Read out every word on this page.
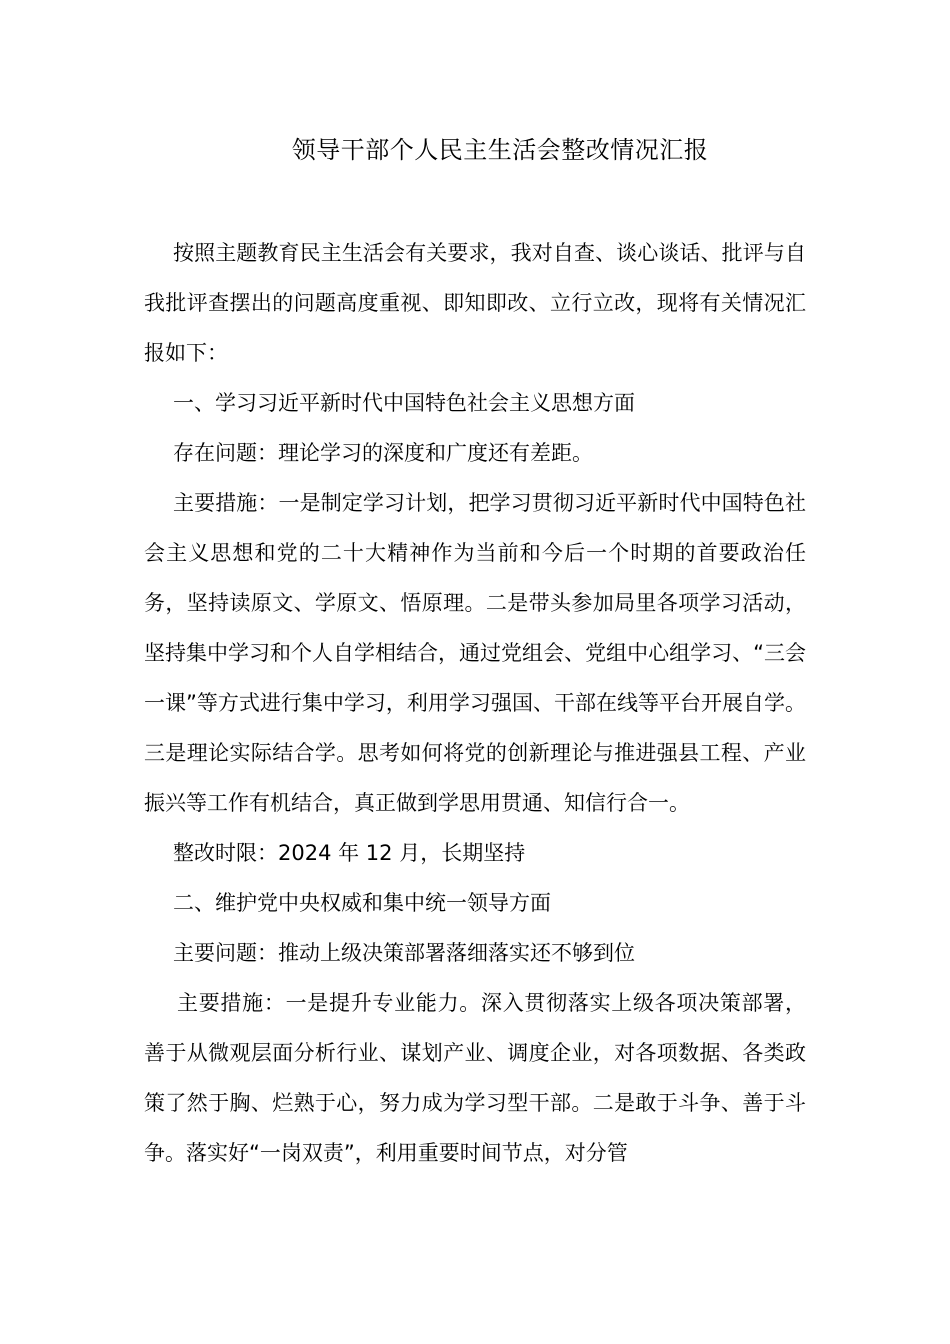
领导干部个人民主生活会整改情况汇报

按照主题教育民主生活会有关要求，我对自查、谈心谈话、批评与自我批评查摆出的问题高度重视、即知即改、立行立改，现将有关情况汇报如下：

一、学习习近平新时代中国特色社会主义思想方面

存在问题：理论学习的深度和广度还有差距。

主要措施：一是制定学习计划，把学习贯彻习近平新时代中国特色社会主义思想和党的二十大精神作为当前和今后一个时期的首要政治任务，坚持读原文、学原文、悟原理。二是带头参加局里各项学习活动，坚持集中学习和个人自学相结合，通过党组会、党组中心组学习、“三会一课”等方式进行集中学习，利用学习强国、干部在线等平台开展自学。三是理论实际结合学。思考如何将党的创新理论与推进强县工程、产业振兴等工作有机结合，真正做到学思用贯通、知信行合一。

整改时限：2024 年 12 月，长期坚持

二、维护党中央权威和集中统一领导方面

主要问题：推动上级决策部署落细落实还不够到位

主要措施：一是提升专业能力。深入贯彻落实上级各项决策部署，善于从微观层面分析行业、谋划产业、调度企业，对各项数据、各类政策了然于胸、烂熟于心，努力成为学习型干部。二是敢于斗争、善于斗争。落实好“一岗双责”，利用重要时间节点，对分管
